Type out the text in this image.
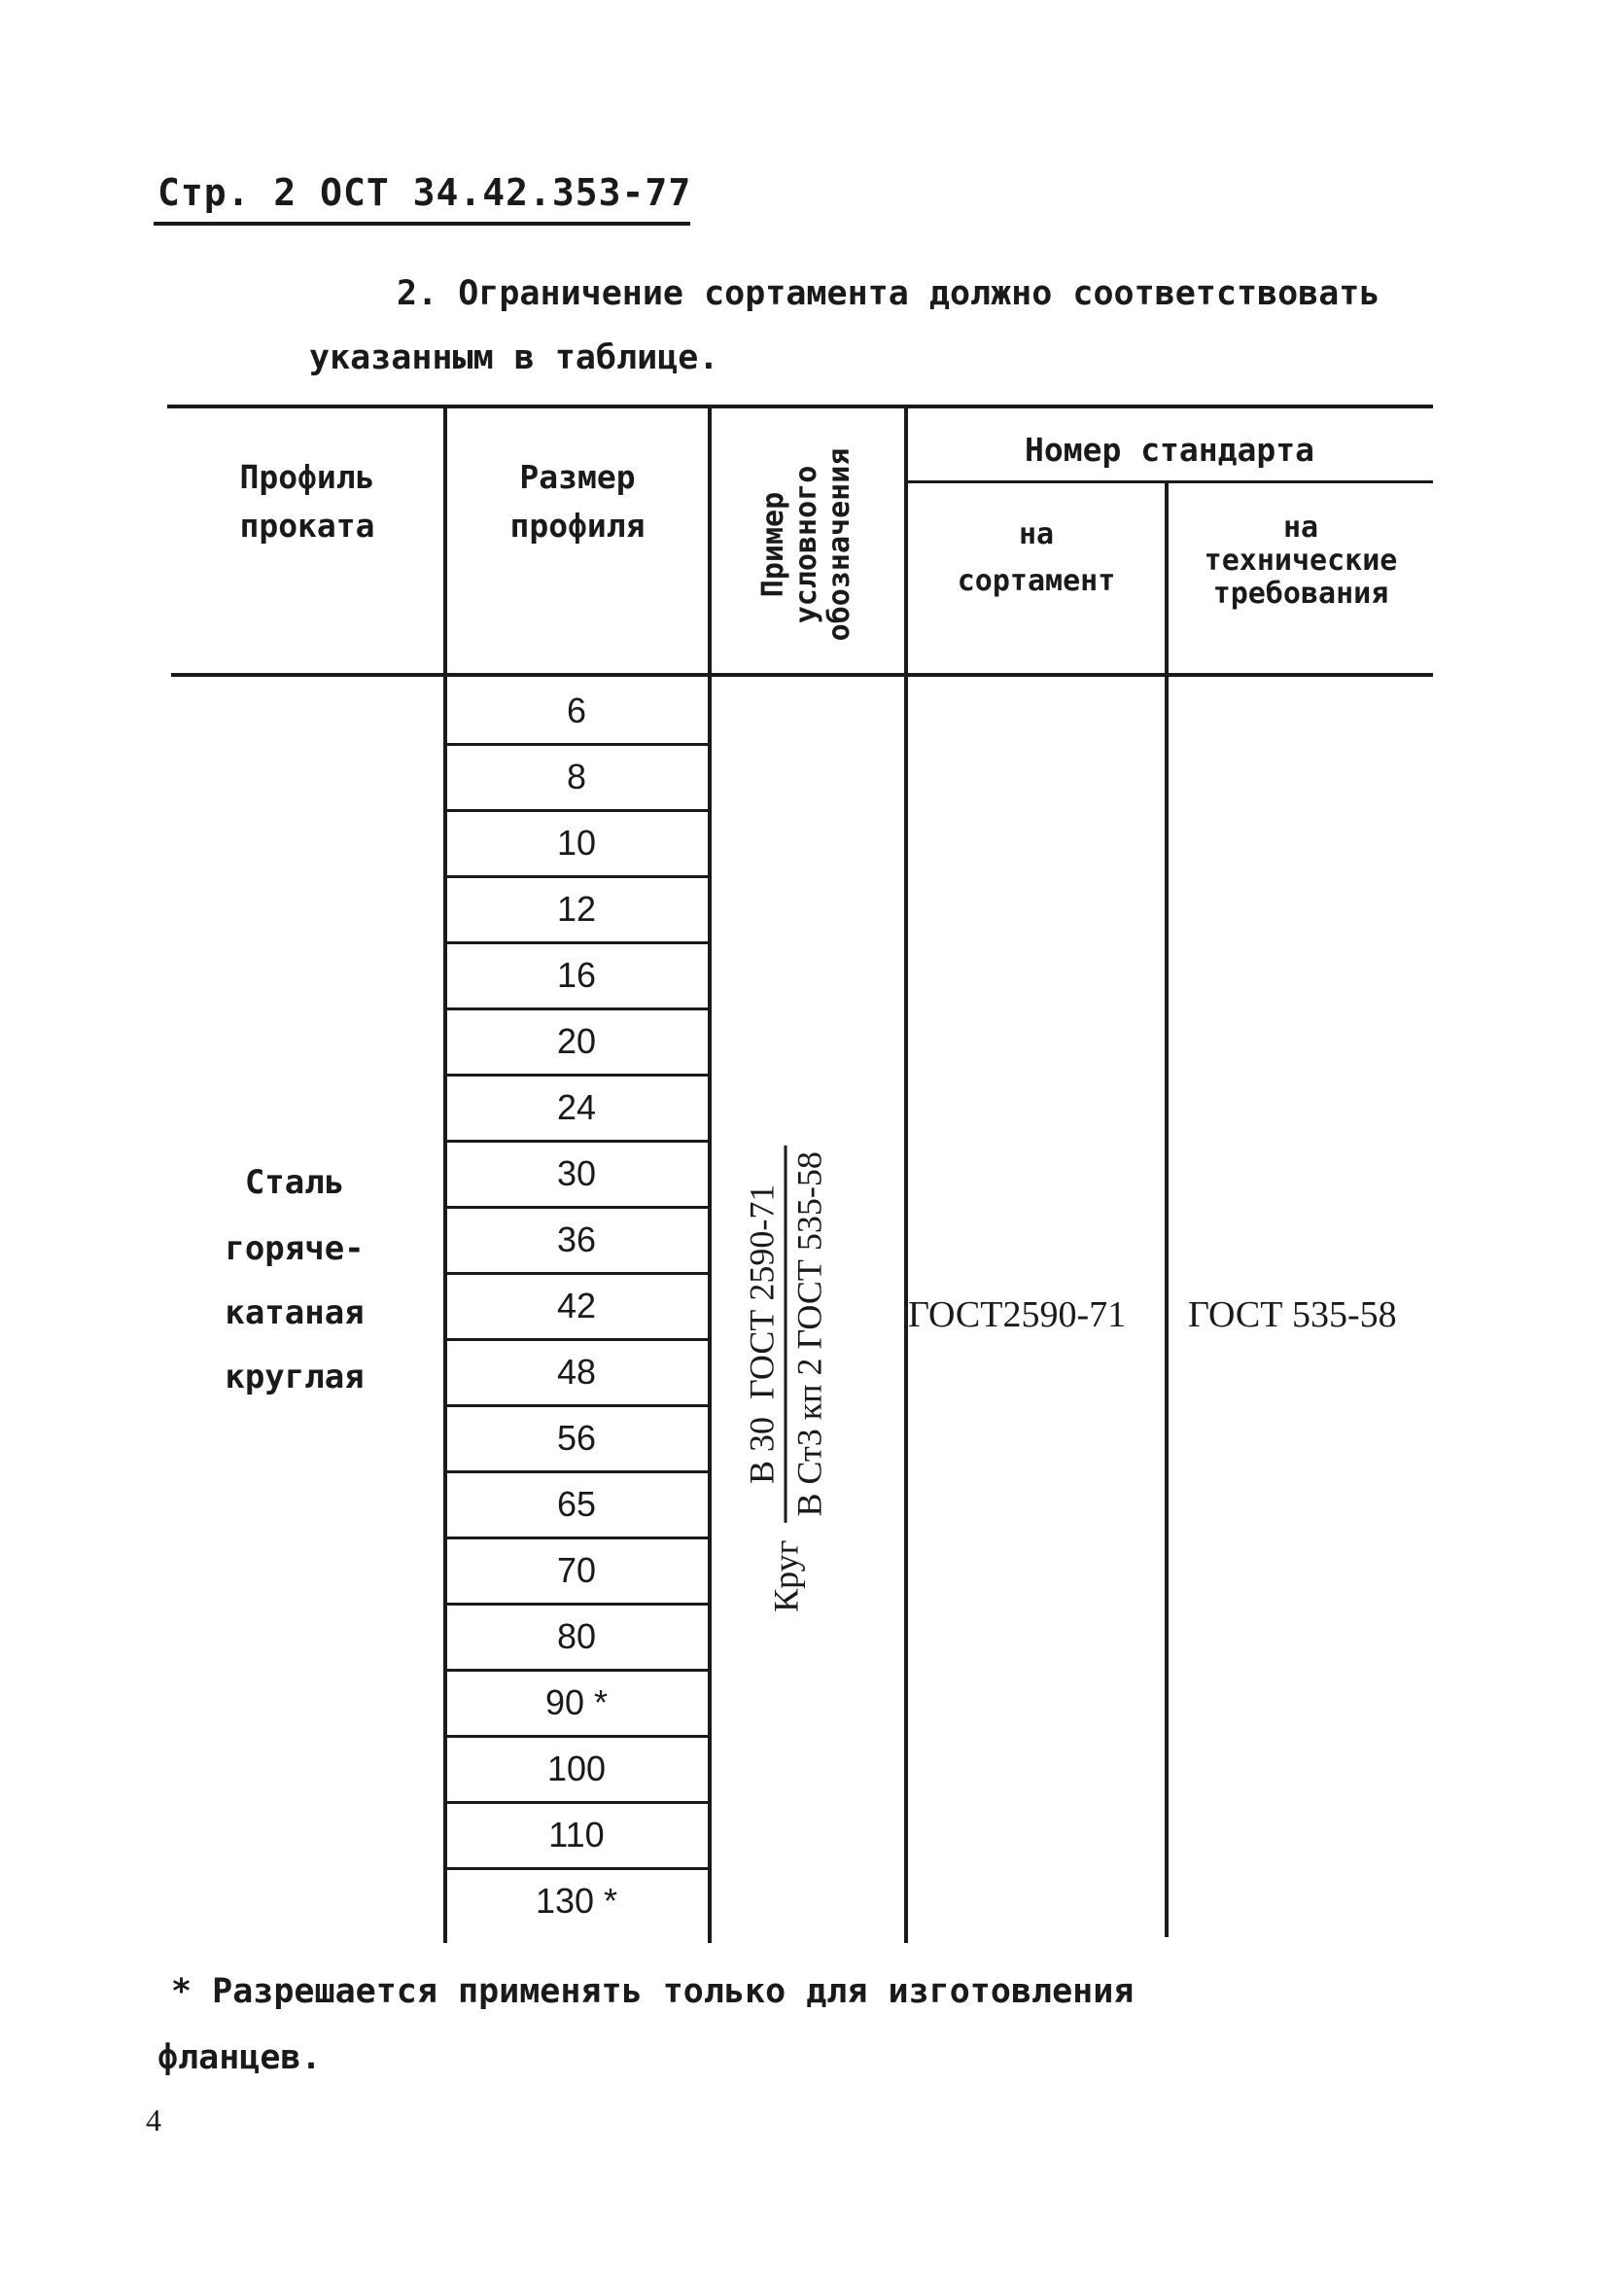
Стр. 2 ОСТ 34.42.353-77
2. Ограничение сортамента должно соответствовать
указанным в таблице.
Профиль
проката
Размер
профиля	Пример условного обозначения	Номер стандарта
на
сортамент
на
технические
требования
Сталь
горяче-
катаная
круглая
6
8
10
12
16
20
24
30
36
42
48
56
65
70
80
90 *
100
110
130 *
Круг
В 30  ГОСТ 2590-71 В Ст3 кп 2 ГОСТ 535-58 ГОСТ2590-71 ГОСТ 535-58
* Разрешается применять только для изготовления
фланцев.
4
